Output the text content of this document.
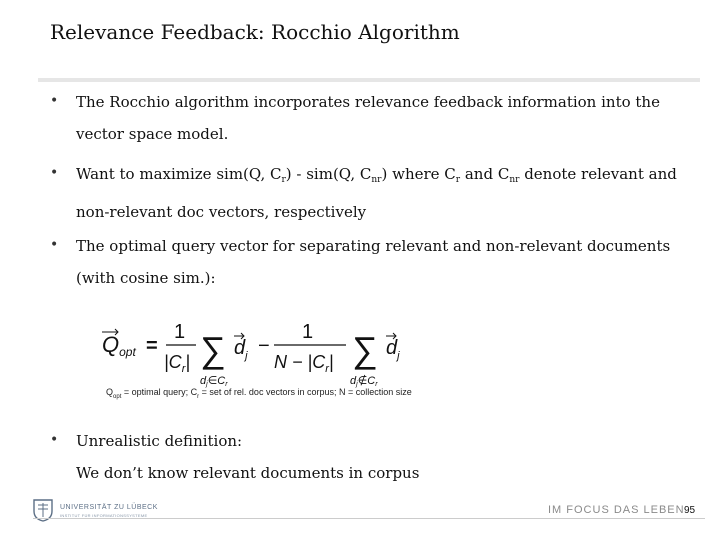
Relevance Feedback: Rocchio Algorithm
• The Rocchio algorithm incorporates relevance feedback information into the vector space model.
• Want to maximize sim(Q, $C_r) - sim(Q$, $C_{nr}$) where $C_r$ and $C_{nr}$ denote relevant and non-relevant doc vectors, respectively
• The optimal query vector for separating relevant and non-relevant documents (with cosine sim.):
Qopt =
1
$|C_r|$ ∑
dj∈Cr
$d_j$ −
1
$N - |C_r|$ ∑
dj∉Cr
$d_j$
$Q_{opt}$ = optimal query; $C_r$ = set of rel. doc vectors in corpus; N = collection size
• Unrealistic definition:
We don’t know relevant documents in corpus
UNIVERSITÄT ZU LÜBECK
INSTITUT FÜR INFORMATIONSSYSTEME	IM FOCUS DAS LEBEN 95
